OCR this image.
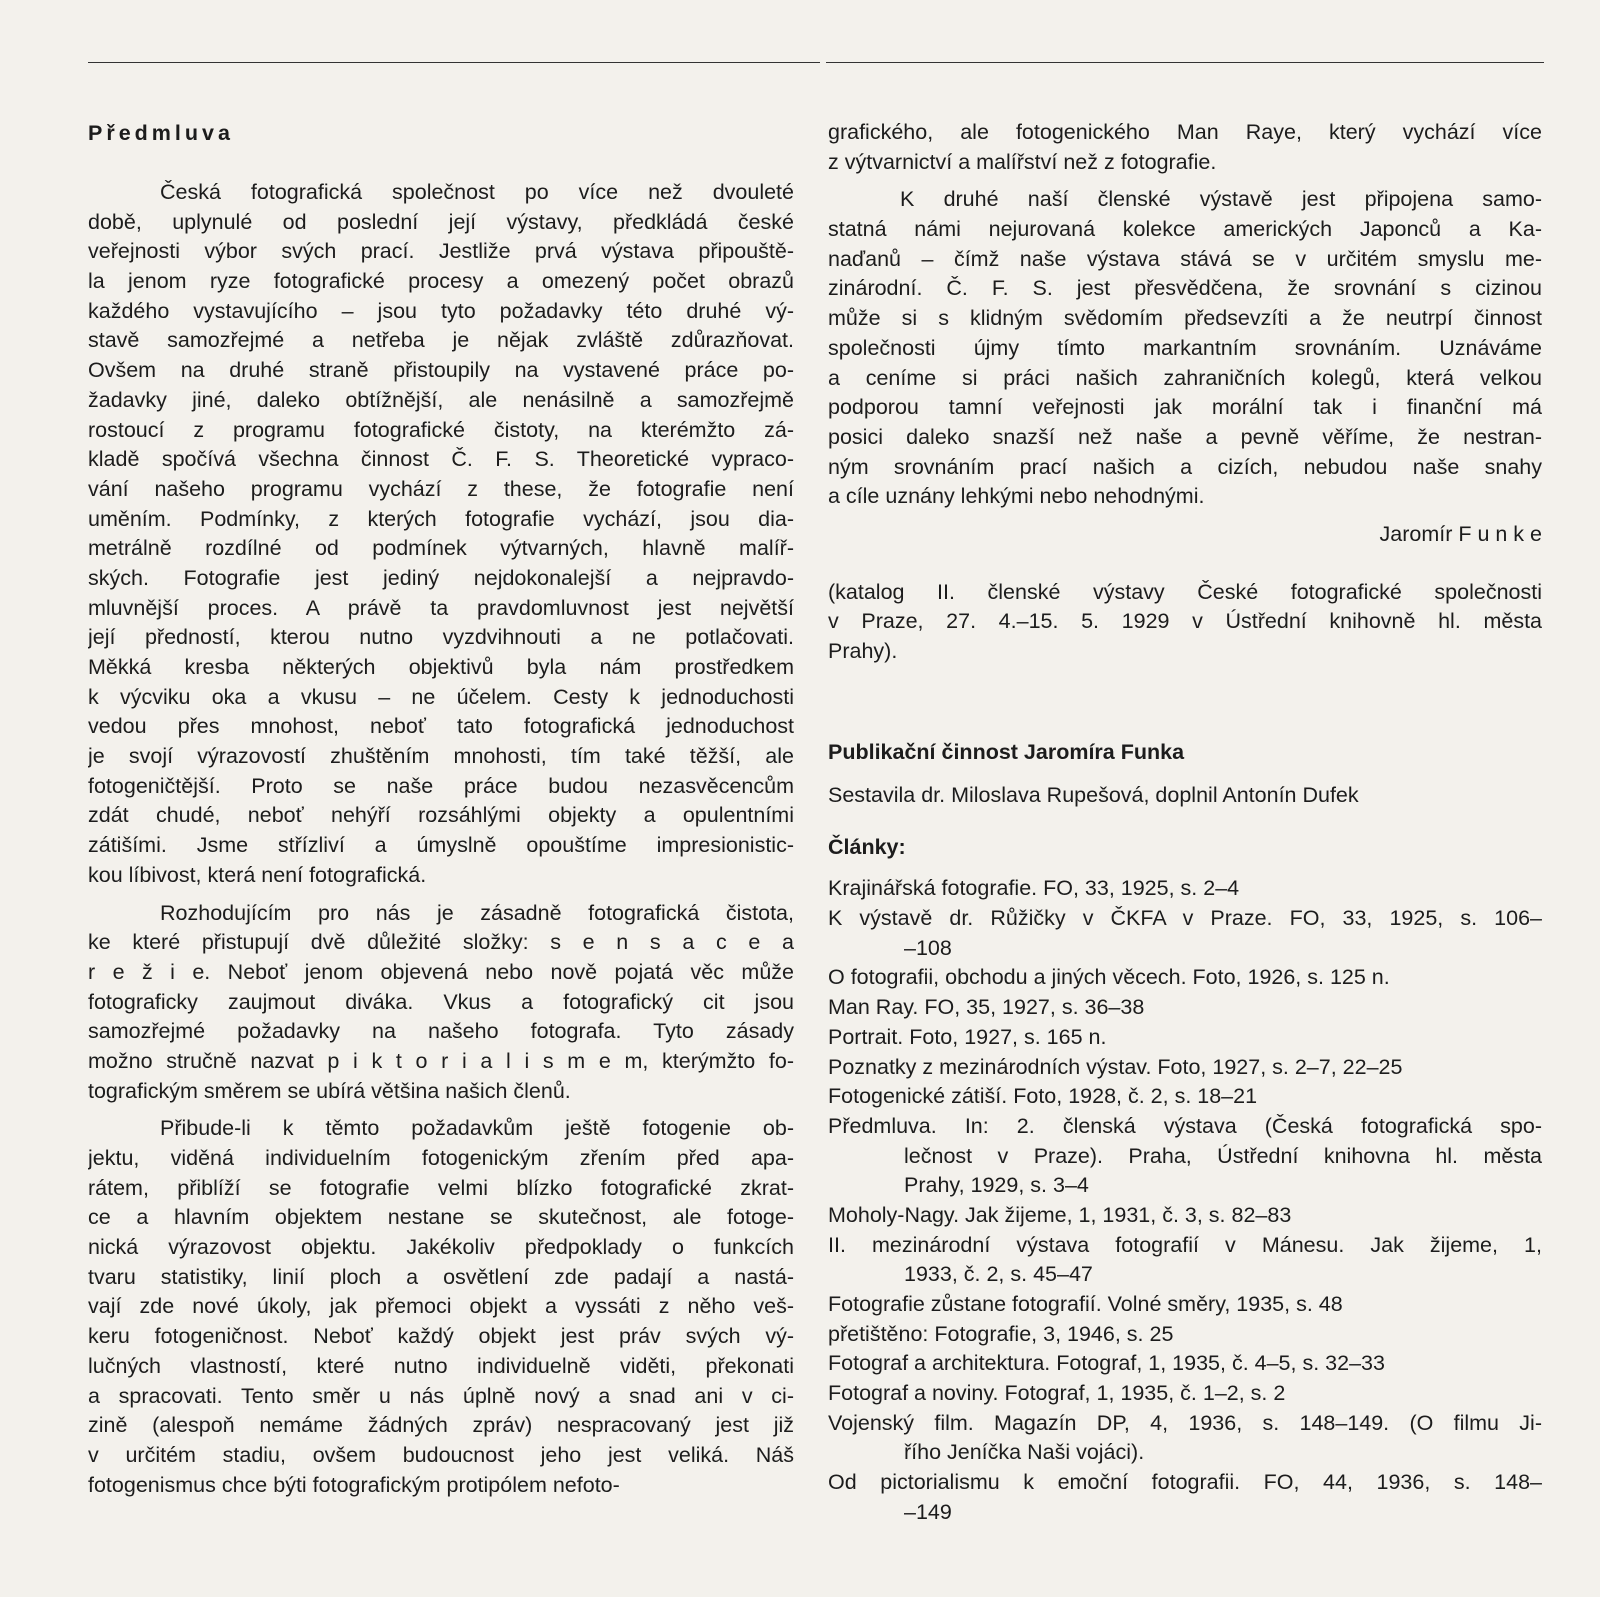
Předmluva
Česká fotografická společnost po více než dvouleté
době, uplynulé od poslední její výstavy, předkládá české
veřejnosti výbor svých prací. Jestliže prvá výstava připouště-
la jenom ryze fotografické procesy a omezený počet obrazů
každého vystavujícího – jsou tyto požadavky této druhé vý-
stavě samozřejmé a netřeba je nějak zvláště zdůrazňovat.
Ovšem na druhé straně přistoupily na vystavené práce po-
žadavky jiné, daleko obtížnější, ale nenásilně a samozřejmě
rostoucí z programu fotografické čistoty, na kterémžto zá-
kladě spočívá všechna činnost Č. F. S. Theoretické vypraco-
vání našeho programu vychází z these, že fotografie není
uměním. Podmínky, z kterých fotografie vychází, jsou dia-
metrálně rozdílné od podmínek výtvarných, hlavně malíř-
ských. Fotografie jest jediný nejdokonalejší a nejpravdo-
mluvnější proces. A právě ta pravdomluvnost jest největší
její předností, kterou nutno vyzdvihnouti a ne potlačovati.
Měkká kresba některých objektivů byla nám prostředkem
k výcviku oka a vkusu – ne účelem. Cesty k jednoduchosti
vedou přes mnohost, neboť tato fotografická jednoduchost
je svojí výrazovostí zhuštěním mnohosti, tím také těžší, ale
fotogeničtější. Proto se naše práce budou nezasvěcencům
zdát chudé, neboť nehýří rozsáhlými objekty a opulentními
zátišími. Jsme střízliví a úmyslně opouštíme impresionistic-
kou líbivost, která není fotografická.
Rozhodujícím pro nás je zásadně fotografická čistota,
ke které přistupují dvě důležité složky: s e n s a c e a
r e ž i e. Neboť jenom objevená nebo nově pojatá věc může
fotograficky zaujmout diváka. Vkus a fotografický cit jsou
samozřejmé požadavky na našeho fotografa. Tyto zásady
možno stručně nazvat p i k t o r i a l i s m e m, kterýmžto fo-
tografickým směrem se ubírá většina našich členů.
Přibude-li k těmto požadavkům ještě fotogenie ob-
jektu, viděná individuelním fotogenickým zřením před apa-
rátem, přiblíží se fotografie velmi blízko fotografické zkrat-
ce a hlavním objektem nestane se skutečnost, ale fotoge-
nická výrazovost objektu. Jakékoliv předpoklady o funkcích
tvaru statistiky, linií ploch a osvětlení zde padají a nastá-
vají zde nové úkoly, jak přemoci objekt a vyssáti z něho veš-
keru fotogeničnost. Neboť každý objekt jest práv svých vý-
lučných vlastností, které nutno individuelně viděti, překonati
a spracovati. Tento směr u nás úplně nový a snad ani v ci-
zině (alespoň nemáme žádných zpráv) nespracovaný jest již
v určitém stadiu, ovšem budoucnost jeho jest veliká. Náš
fotogenismus chce býti fotografickým protipólem nefoto-
grafického, ale fotogenického Man Raye, který vychází více
z výtvarnictví a malířství než z fotografie.
K druhé naší členské výstavě jest připojena samo-
statná námi nejurovaná kolekce amerických Japonců a Ka-
naďanů – čímž naše výstava stává se v určitém smyslu me-
zinárodní. Č. F. S. jest přesvědčena, že srovnání s cizinou
může si s klidným svědomím předsevzíti a že neutrpí činnost
společnosti újmy tímto markantním srovnáním. Uznáváme
a ceníme si práci našich zahraničních kolegů, která velkou
podporou tamní veřejnosti jak morální tak i finanční má
posici daleko snazší než naše a pevně věříme, že nestran-
ným srovnáním prací našich a cizích, nebudou naše snahy
a cíle uznány lehkými nebo nehodnými.
Jaromír F u n k e
(katalog II. členské výstavy České fotografické společnosti
v Praze, 27. 4.–15. 5. 1929 v Ústřední knihovně hl. města
Prahy).
Publikační činnost Jaromíra Funka
Sestavila dr. Miloslava Rupešová, doplnil Antonín Dufek
Články:
Krajinářská fotografie. FO, 33, 1925, s. 2–4
K výstavě dr. Růžičky v ČKFA v Praze. FO, 33, 1925, s. 106–
–108
O fotografii, obchodu a jiných věcech. Foto, 1926, s. 125 n.
Man Ray. FO, 35, 1927, s. 36–38
Portrait. Foto, 1927, s. 165 n.
Poznatky z mezinárodních výstav. Foto, 1927, s. 2–7, 22–25
Fotogenické zátiší. Foto, 1928, č. 2, s. 18–21
Předmluva. In: 2. členská výstava (Česká fotografická spo-
lečnost v Praze). Praha, Ústřední knihovna hl. města
Prahy, 1929, s. 3–4
Moholy-Nagy. Jak žijeme, 1, 1931, č. 3, s. 82–83
II. mezinárodní výstava fotografií v Mánesu. Jak žijeme, 1,
1933, č. 2, s. 45–47
Fotografie zůstane fotografií. Volné směry, 1935, s. 48
přetištěno: Fotografie, 3, 1946, s. 25
Fotograf a architektura. Fotograf, 1, 1935, č. 4–5, s. 32–33
Fotograf a noviny. Fotograf, 1, 1935, č. 1–2, s. 2
Vojenský film. Magazín DP, 4, 1936, s. 148–149. (O filmu Ji-
řího Jeníčka Naši vojáci).
Od pictorialismu k emoční fotografii. FO, 44, 1936, s. 148–
–149
